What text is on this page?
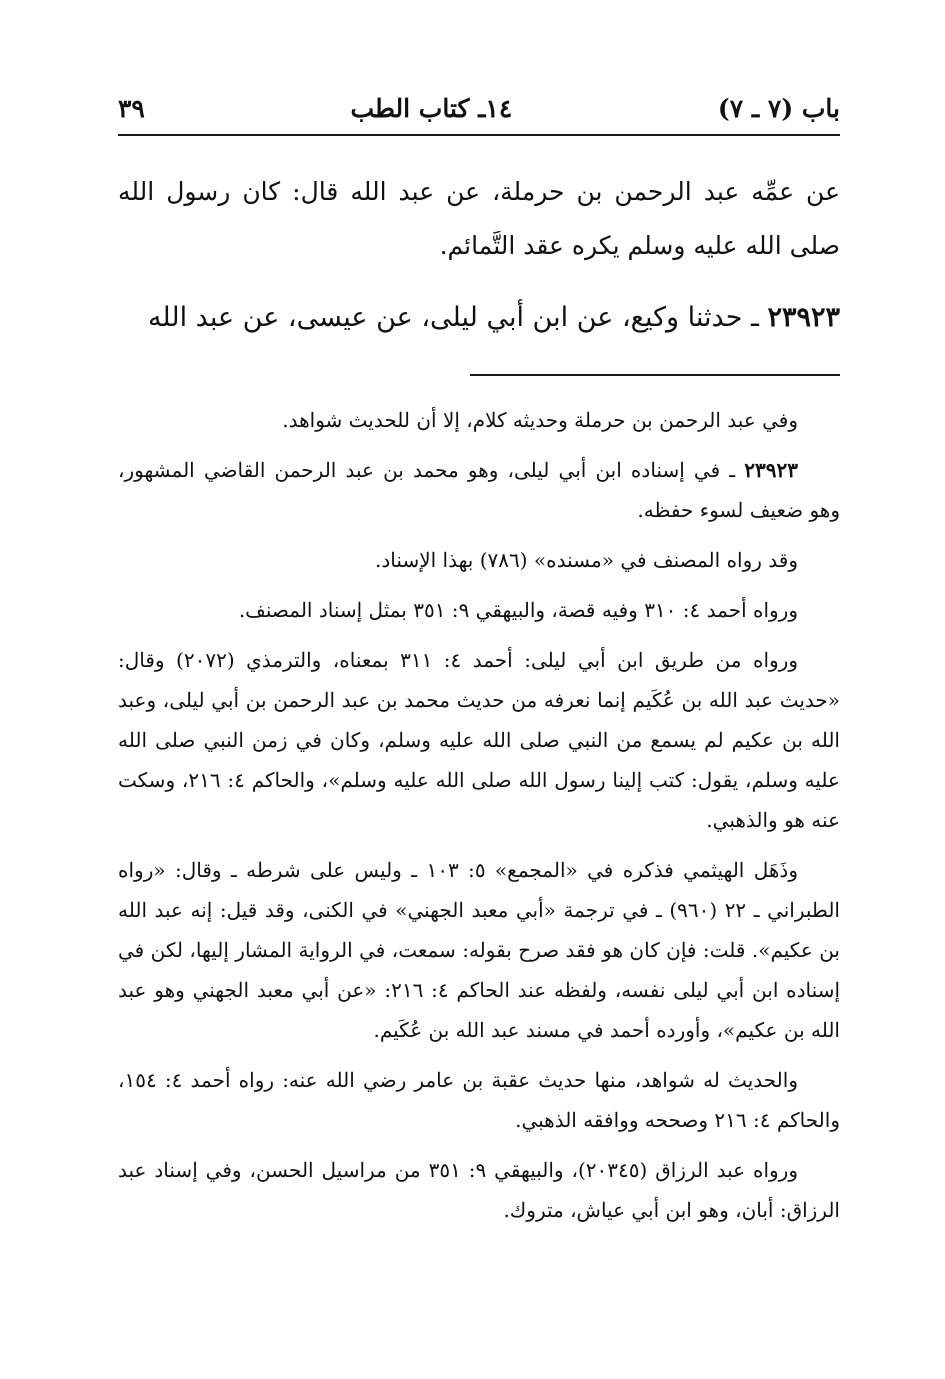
باب (٧ ـ ٧)
١٤ـ كتاب الطب
٣٩

عن عمِّه عبد الرحمن بن حرملة، عن عبد الله قال: كان رسول الله صلى الله عليه وسلم يكره عقد التَّمائم.

٢٣٩٢٣ ـ حدثنا وكيع، عن ابن أبي ليلى، عن عيسى، عن عبد الله

وفي عبد الرحمن بن حرملة وحديثه كلام، إلا أن للحديث شواهد.

٢٣٩٢٣ ـ في إسناده ابن أبي ليلى، وهو محمد بن عبد الرحمن القاضي المشهور، وهو ضعيف لسوء حفظه.

وقد رواه المصنف في «مسنده» (٧٨٦) بهذا الإسناد.

ورواه أحمد ٤: ٣١٠ وفيه قصة، والبيهقي ٩: ٣٥١ بمثل إسناد المصنف.

ورواه من طريق ابن أبي ليلى: أحمد ٤: ٣١١ بمعناه، والترمذي (٢٠٧٢) وقال: «حديث عبد الله بن عُكَيم إنما نعرفه من حديث محمد بن عبد الرحمن بن أبي ليلى، وعبد الله بن عكيم لم يسمع من النبي صلى الله عليه وسلم، وكان في زمن النبي صلى الله عليه وسلم، يقول: كتب إلينا رسول الله صلى الله عليه وسلم»، والحاكم ٤: ٢١٦، وسكت عنه هو والذهبي.

وذَهَل الهيثمي فذكره في «المجمع» ٥: ١٠٣ ـ وليس على شرطه ـ وقال: «رواه الطبراني ـ ٢٢ (٩٦٠) ـ في ترجمة «أبي معبد الجهني» في الكنى، وقد قيل: إنه عبد الله بن عكيم». قلت: فإن كان هو فقد صرح بقوله: سمعت، في الرواية المشار إليها، لكن في إسناده ابن أبي ليلى نفسه، ولفظه عند الحاكم ٤: ٢١٦: «عن أبي معبد الجهني وهو عبد الله بن عكيم»، وأورده أحمد في مسند عبد الله بن عُكَيم.

والحديث له شواهد، منها حديث عقبة بن عامر رضي الله عنه: رواه أحمد ٤: ١٥٤، والحاكم ٤: ٢١٦ وصححه ووافقه الذهبي.

ورواه عبد الرزاق (٢٠٣٤٥)، والبيهقي ٩: ٣٥١ من مراسيل الحسن، وفي إسناد عبد الرزاق: أبان، وهو ابن أبي عياش، متروك.
